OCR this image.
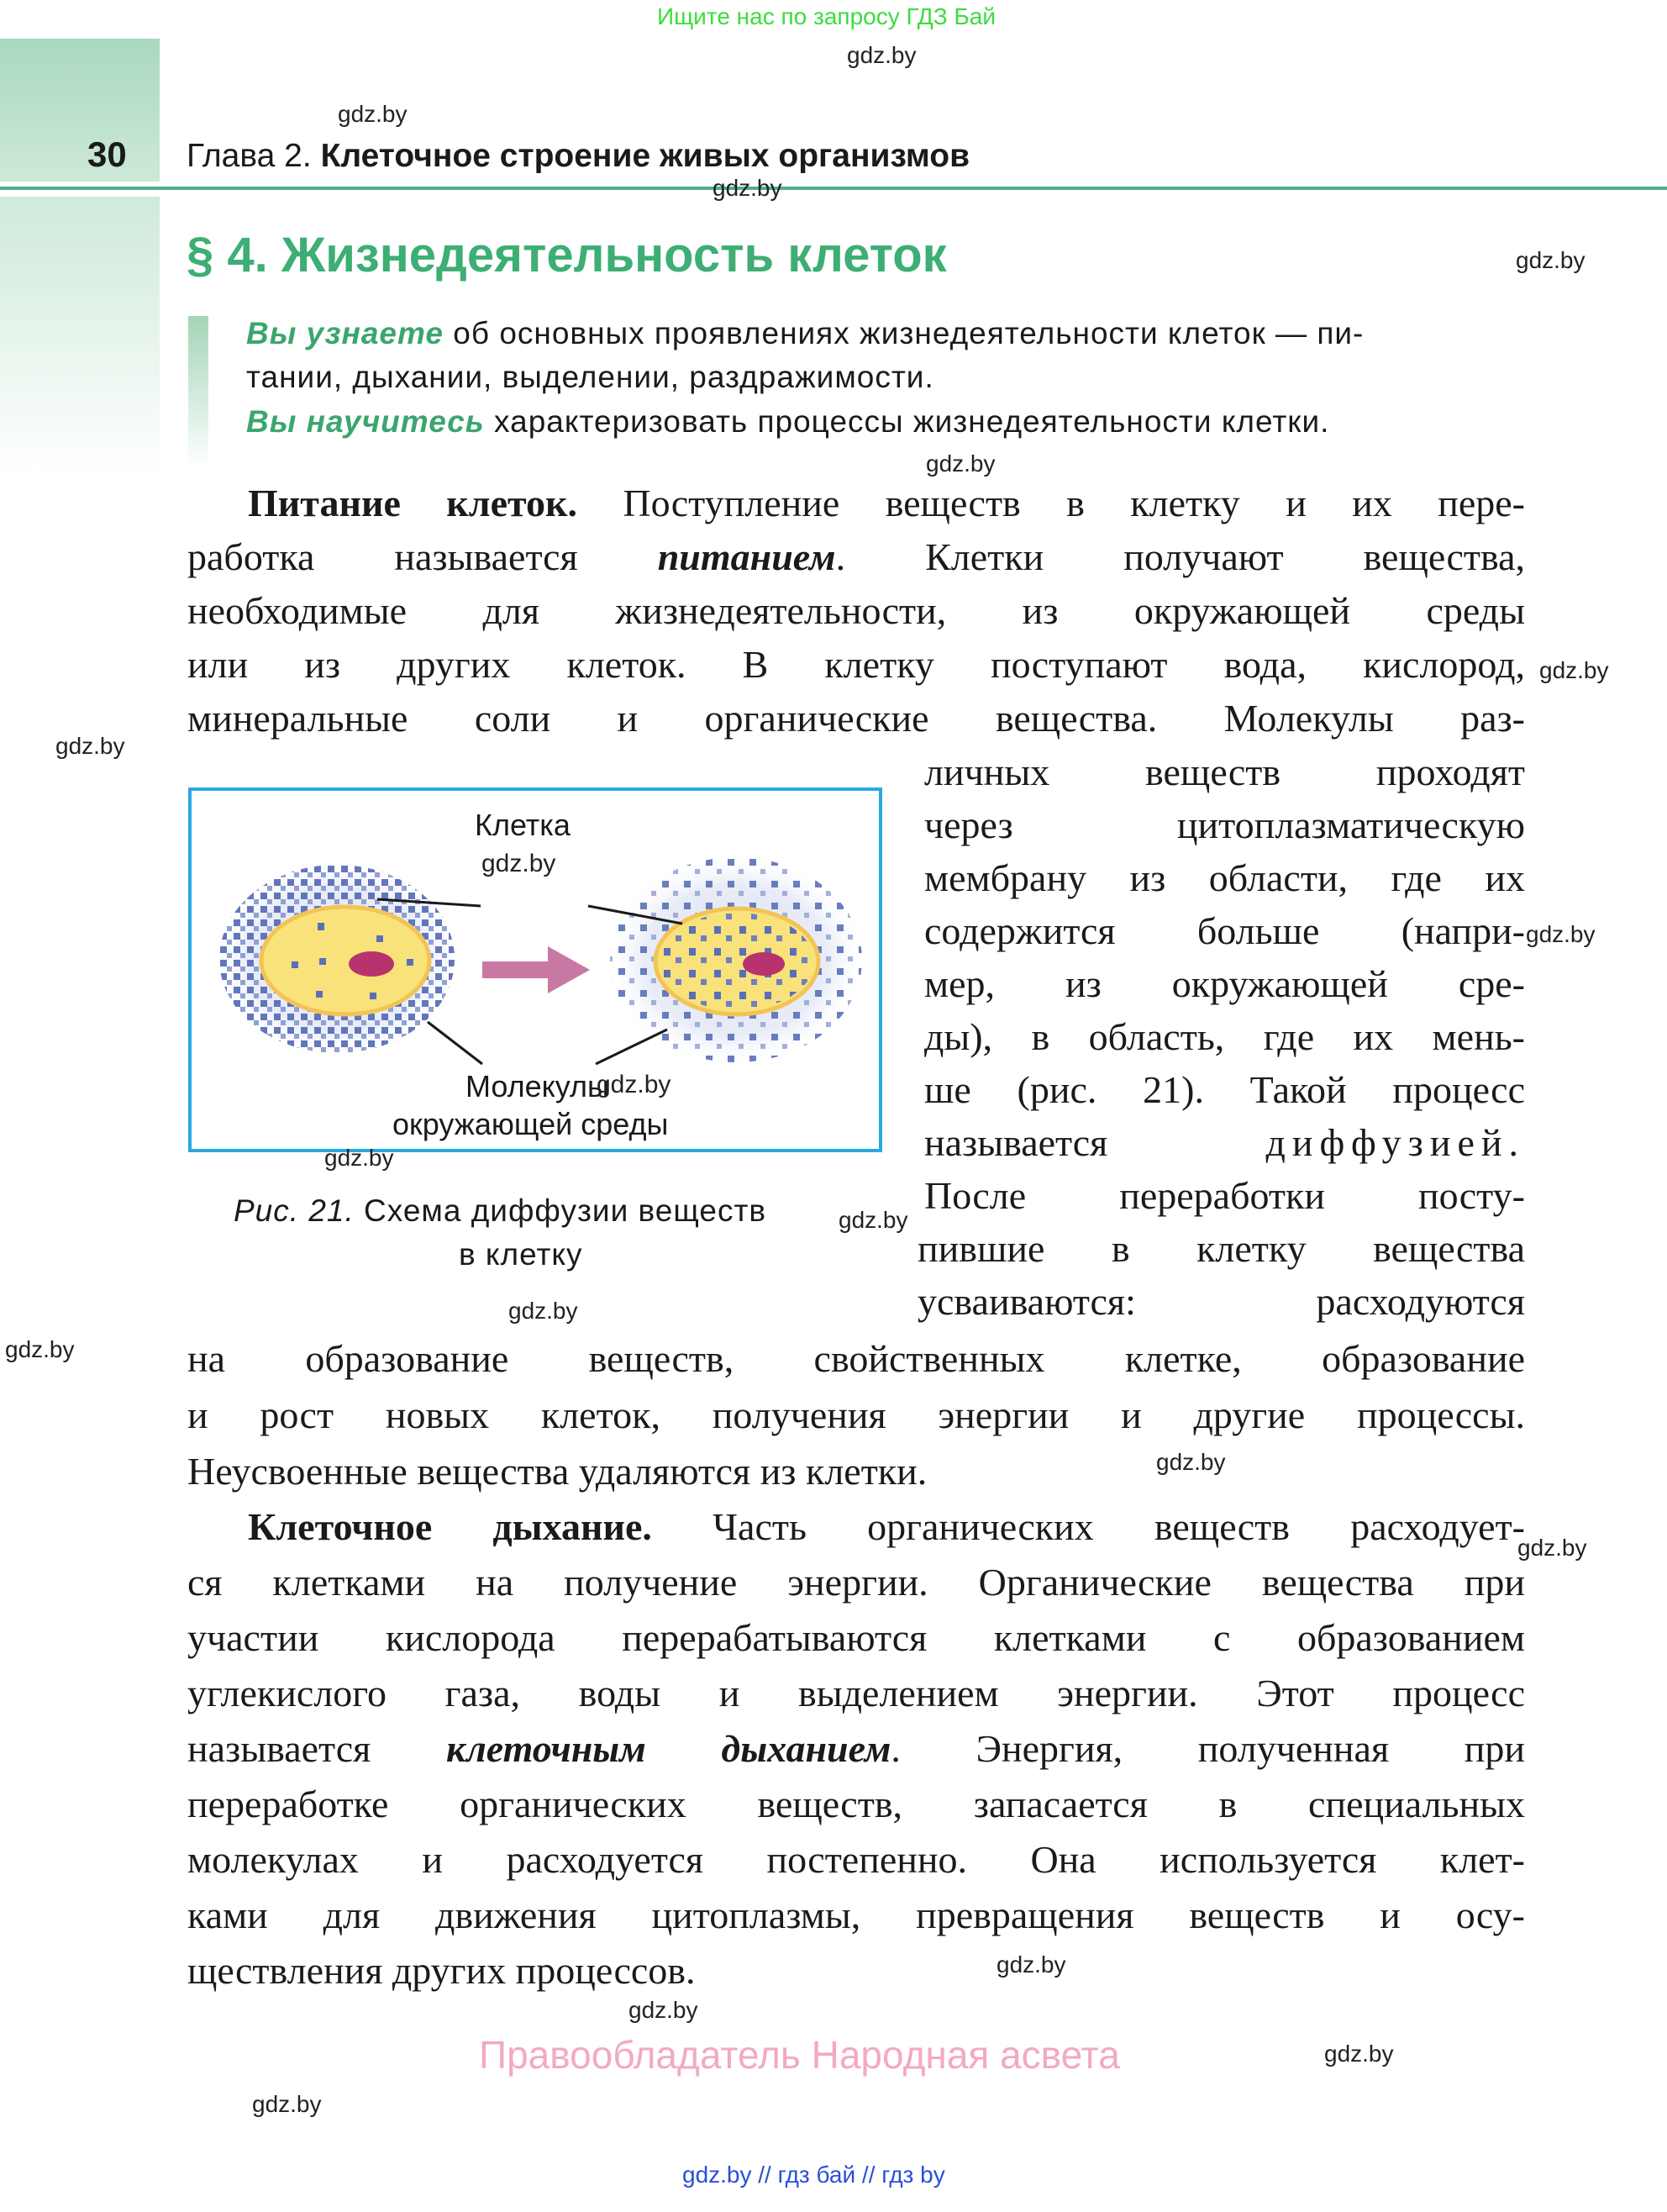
Ищите нас по запросу ГДЗ Бай
gdz.by
gdz.by
30 Глава 2. Клеточное строение живых организмов
gdz.by
§ 4. Жизнедеятельность клеток	gdz.by
Вы узнаете об основных проявлениях жизнедеятельности клеток — пи-
тании, дыхании, выделении, раздражимости.
Вы научитесь характеризовать процессы жизнедеятельности клетки.
gdz.by
Питание клеток. Поступление веществ в клетку и их пере-
работка называется питанием. Клетки получают вещества,
необходимые для жизнедеятельности, из окружающей среды
или из других клеток. В клетку поступают вода, кислород, gdz.by
минеральные соли и органические вещества. Молекулы раз-
gdz.by
личных веществ проходят
через цитоплазматическую
мембрану из области, где их
содержится больше (напри- gdz.by
мер, из окружающей сре-
ды), в область, где их мень-
ше (рис. 21). Такой процесс
называется диффузией.
После переработки посту-
пившие в клетку вещества
усваиваются: расходуются
Клетка
gdz.by
Молекулы
gdz.by
окружающей среды
gdz.by
Рис. 21. Схема диффузии веществ	gdz.by
в клетку
gdz.by
gdz.by	на образование веществ, свойственных клетке, образование
и рост новых клеток, получения энергии и другие процессы.
Неусвоенные вещества удаляются из клетки.	gdz.by
Клеточное дыхание. Часть органических веществ расходует-
gdz.by
ся клетками на получение энергии. Органические вещества при
участии кислорода перерабатываются клетками с образованием
углекислого газа, воды и выделением энергии. Этот процесс
называется клеточным дыханием. Энергия, полученная при
переработке органических веществ, запасается в специальных
молекулах и расходуется постепенно. Она используется клет-
ками для движения цитоплазмы, превращения веществ и осу-
ществления других процессов.	gdz.by
gdz.by
Правообладатель Народная асвета	gdz.by
gdz.by
gdz.by // гдз бай // гдз by
